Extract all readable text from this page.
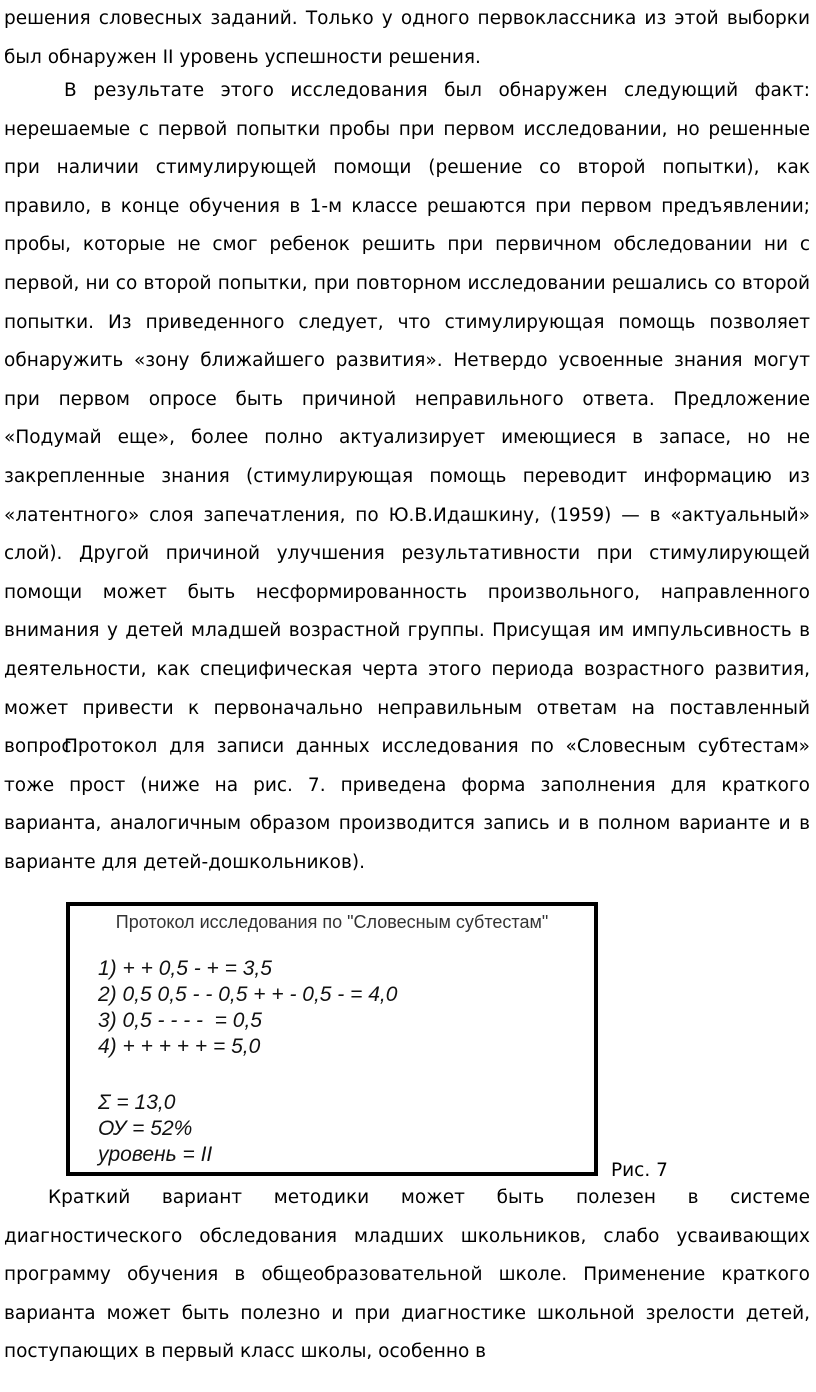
решения словесных заданий. Только у одного первоклассника из этой выборки был обнаружен II уровень успешности решения.

В результате этого исследования был обнаружен следующий факт: нерешаемые с первой попытки пробы при первом исследовании, но решенные при наличии стимулирующей помощи (решение со второй попытки), как правило, в конце обучения в 1-м классе решаются при первом предъявлении; пробы, которые не смог ребенок решить при первичном обследовании ни с первой, ни со второй попытки, при повторном исследовании решались со второй попытки. Из приведенного следует, что стимулирующая помощь позволяет обнаружить «зону ближайшего развития». Нетвердо усвоенные знания могут при первом опросе быть причиной неправильного ответа. Предложение «Подумай еще», более полно актуализирует имеющиеся в запасе, но не закрепленные знания (стимулирующая помощь переводит информацию из «латентного» слоя запечатления, по Ю.В.Идашкину, (1959) — в «актуальный» слой). Другой причиной улучшения результативности при стимулирующей помощи может быть несформированность произвольного, направленного внимания у детей младшей возрастной группы. Присущая им импульсивность в деятельности, как специфическая черта этого периода возрастного развития, может привести к первоначально неправильным ответам на поставленный вопрос.

Протокол для записи данных исследования по «Словесным субтестам» тоже прост (ниже на рис. 7. приведена форма заполнения для краткого варианта, аналогичным образом производится запись и в полном варианте и в варианте для детей-дошкольников).

Протокол исследования по "Словесным субтестам"
1) + + 0,5 - + = 3,5
2) 0,5 0,5 - - 0,5 + + - 0,5 - = 4,0
3) 0,5 - - - -  = 0,5
4) + + + + + = 5,0
Σ = 13,0
ОУ = 52%
уровень = II
Рис. 7

Краткий вариант методики может быть полезен в системе диагностического обследования младших школьников, слабо усваивающих программу обучения в общеобразовательной школе. Применение краткого варианта может быть полезно и при диагностике школьной зрелости детей, поступающих в первый класс школы, особенно в
